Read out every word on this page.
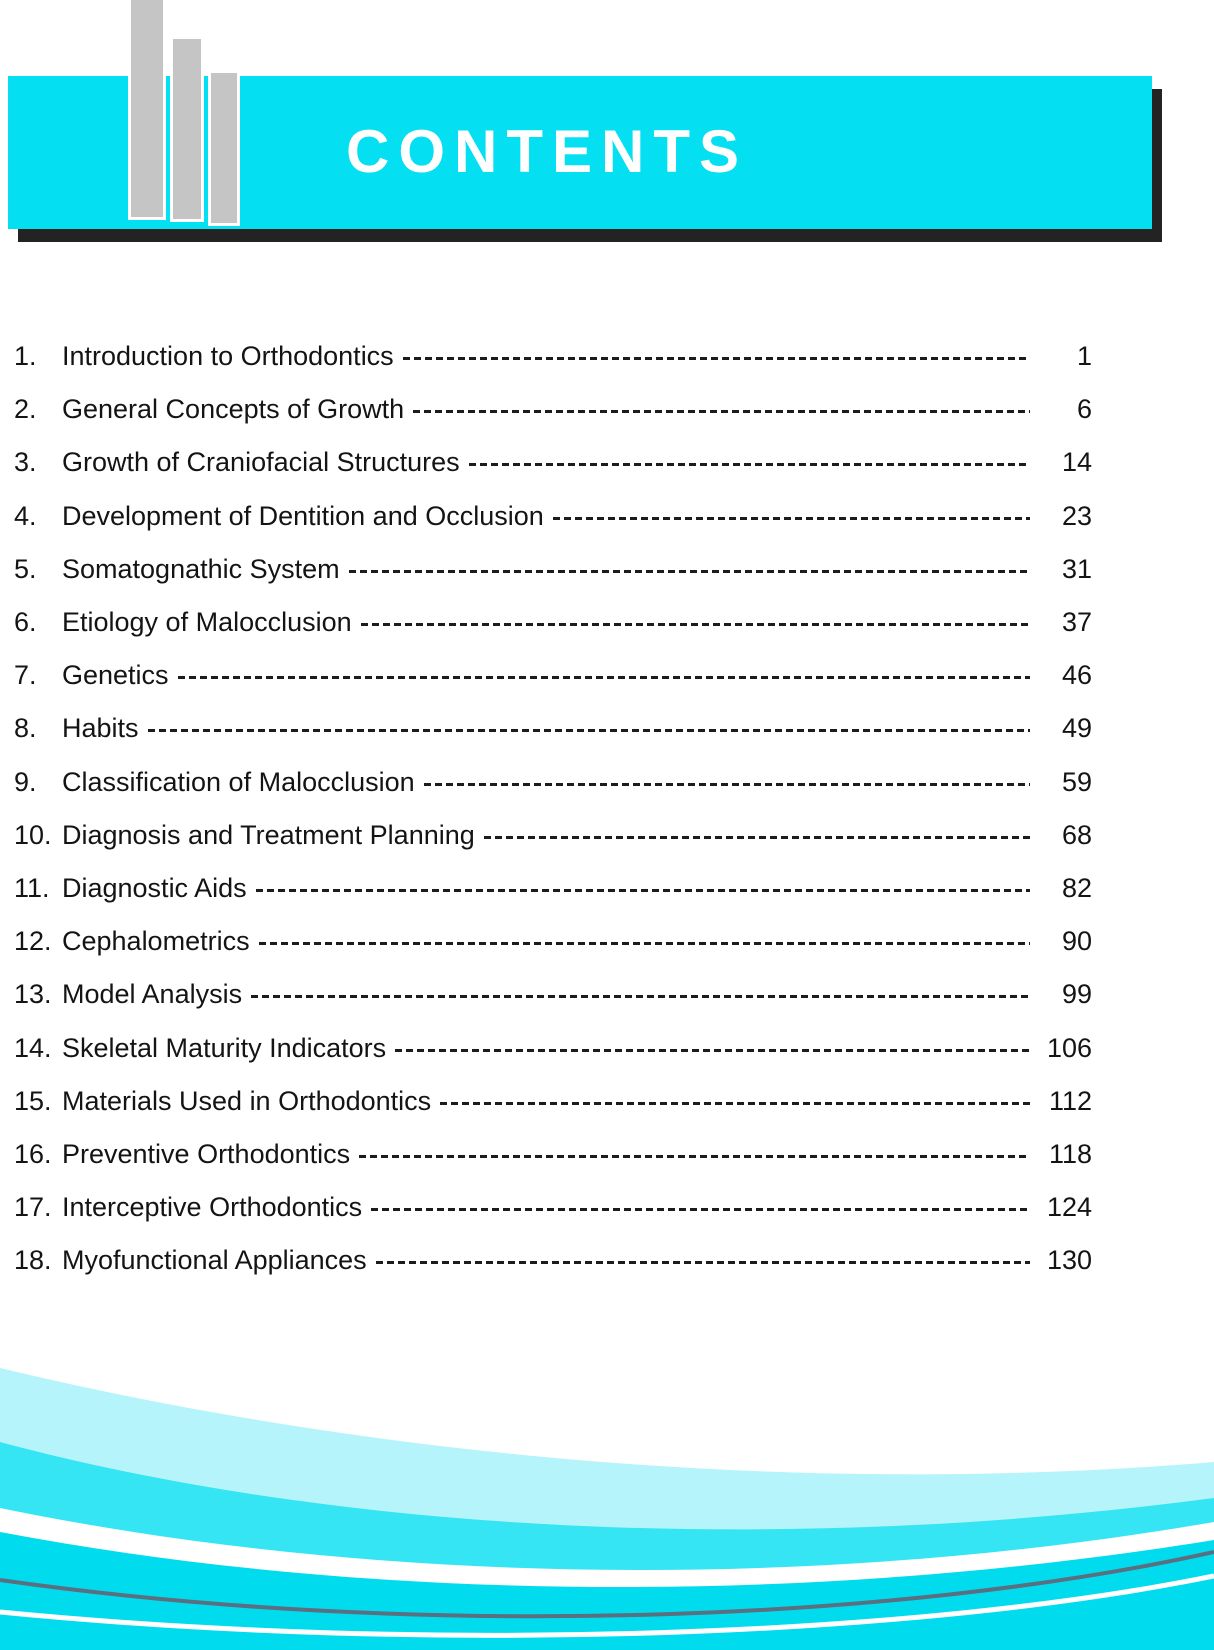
CONTENTS
1. Introduction to Orthodontics	1
2. General Concepts of Growth	6
3. Growth of Craniofacial Structures	14
4. Development of Dentition and Occlusion	23
5. Somatognathic System	31
6. Etiology of Malocclusion	37
7. Genetics	46
8. Habits	49
9. Classification of Malocclusion	59
10. Diagnosis and Treatment Planning	68
11. Diagnostic Aids	82
12. Cephalometrics	90
13. Model Analysis	99
14. Skeletal Maturity Indicators	106
15. Materials Used in Orthodontics	112
16. Preventive Orthodontics	118
17. Interceptive Orthodontics	124
18. Myofunctional Appliances	130
